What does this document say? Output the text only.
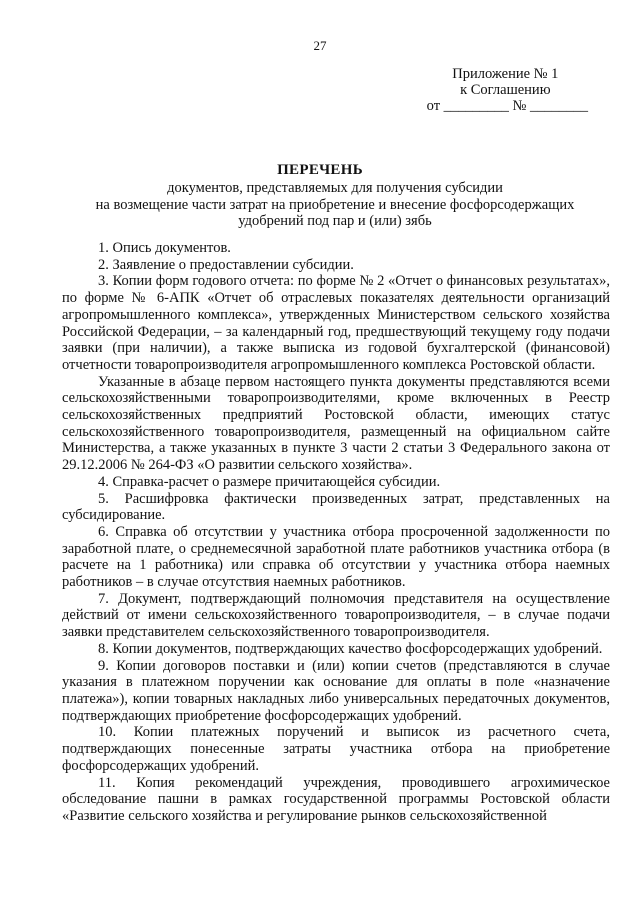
27
Приложение № 1
к Соглашению
от _________ № ________
ПЕРЕЧЕНЬ
документов, представляемых для получения субсидии
на возмещение части затрат на приобретение и внесение фосфорсодержащих
удобрений под пар и (или) зябь

1. Опись документов.

2. Заявление о предоставлении субсидии.

3. Копии форм годового отчета: по форме № 2 «Отчет о финансовых результатах», по форме № 6-АПК «Отчет об отраслевых показателях деятельности организаций агропромышленного комплекса», утвержденных Министерством сельского хозяйства Российской Федерации, – за календарный год, предшествующий текущему году подачи заявки (при наличии), а также выписка из годовой бухгалтерской (финансовой) отчетности товаропроизводителя агропромышленного комплекса Ростовской области.

Указанные в абзаце первом настоящего пункта документы представляются всеми сельскохозяйственными товаропроизводителями, кроме включенных в Реестр сельскохозяйственных предприятий Ростовской области, имеющих статус сельскохозяйственного товаропроизводителя, размещенный на официальном сайте Министерства, а также указанных в пункте 3 части 2 статьи 3 Федерального закона от 29.12.2006 № 264-ФЗ «О развитии сельского хозяйства».

4. Справка-расчет о размере причитающейся субсидии.

5. Расшифровка фактически произведенных затрат, представленных на субсидирование.

6. Справка об отсутствии у участника отбора просроченной задолженности по заработной плате, о среднемесячной заработной плате работников участника отбора (в расчете на 1 работника) или справка об отсутствии у участника отбора наемных работников – в случае отсутствия наемных работников.

7. Документ, подтверждающий полномочия представителя на осуществление действий от имени сельскохозяйственного товаропроизводителя, – в случае подачи заявки представителем сельскохозяйственного товаропроизводителя.

8. Копии документов, подтверждающих качество фосфорсодержащих удобрений.

9. Копии договоров поставки и (или) копии счетов (представляются в случае указания в платежном поручении как основание для оплаты в поле «назначение платежа»), копии товарных накладных либо универсальных передаточных документов, подтверждающих приобретение фосфорсодержащих удобрений.

10. Копии платежных поручений и выписок из расчетного счета, подтверждающих понесенные затраты участника отбора на приобретение фосфорсодержащих удобрений.

11. Копия рекомендаций учреждения, проводившего агрохимическое обследование пашни в рамках государственной программы Ростовской области «Развитие сельского хозяйства и регулирование рынков сельскохозяйственной
